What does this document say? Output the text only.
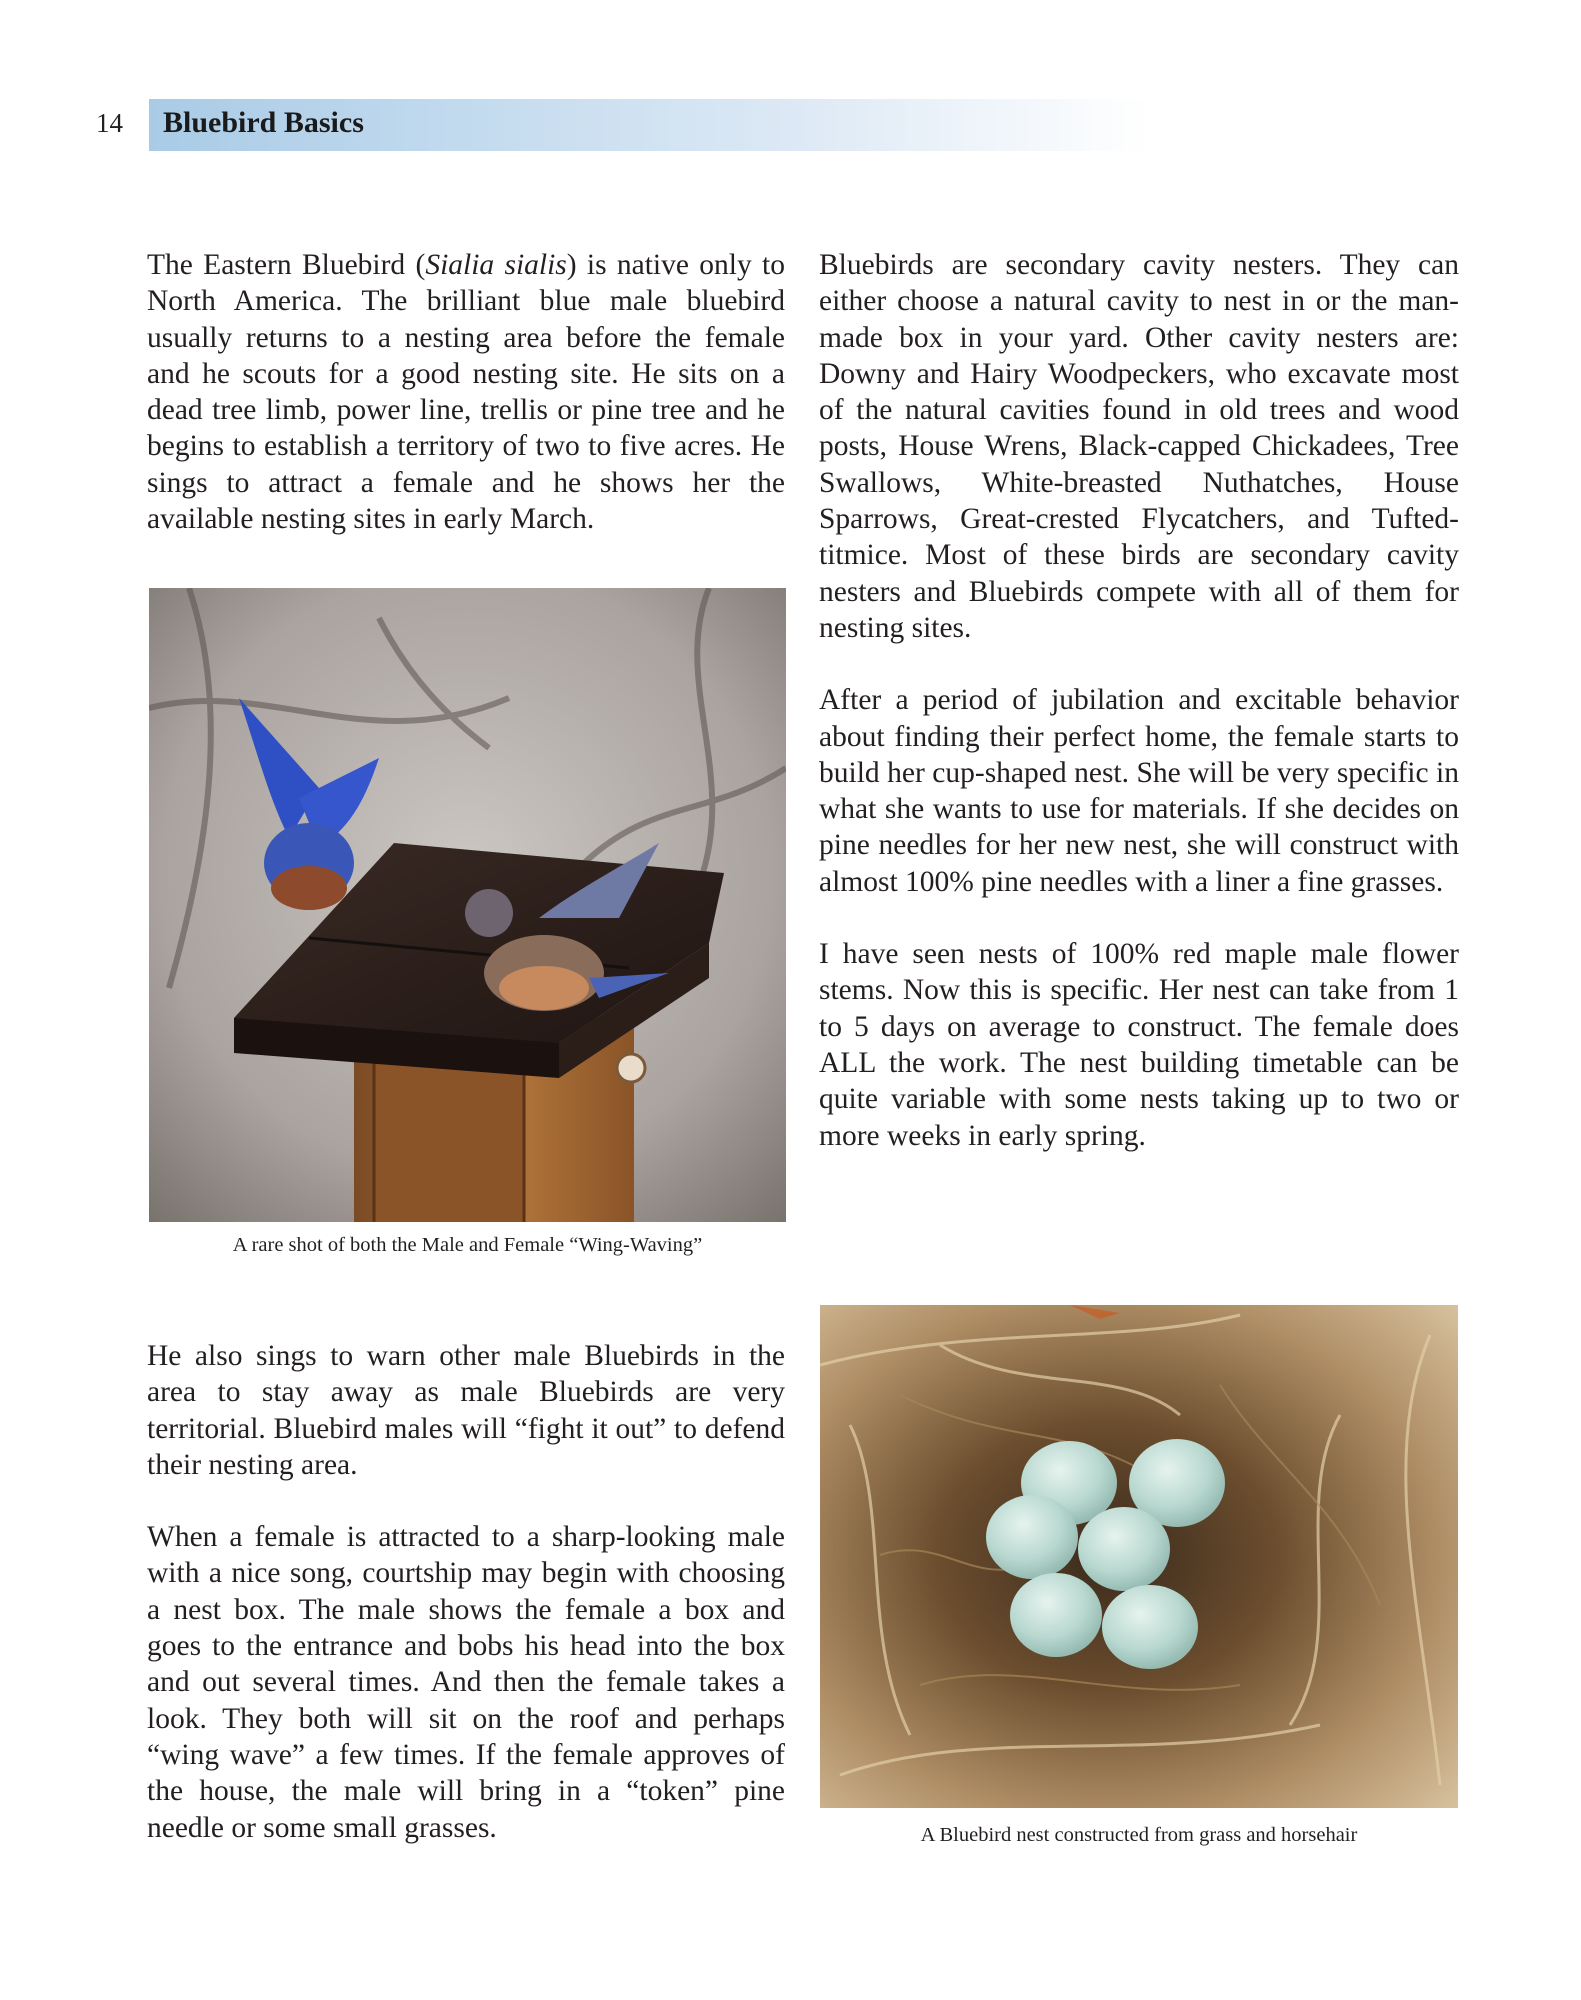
14 Bluebird Basics

The Eastern Bluebird (Sialia sialis) is native only to North America. The brilliant blue male bluebird usually returns to a nesting area before the female and he scouts for a good nesting site. He sits on a dead tree limb, power line, trellis or pine tree and he begins to establish a territory of two to five acres. He sings to attract a female and he shows her the available nesting sites in early March.

Bluebirds are secondary cavity nesters. They can either choose a natural cavity to nest in or the man-made box in your yard. Other cavity nesters are: Downy and Hairy Woodpeckers, who excavate most of the natural cavities found in old trees and wood posts, House Wrens, Black-capped Chickadees, Tree Swallows, White-breasted Nuthatches, House Sparrows, Great-crested Flycatchers, and Tufted-titmice. Most of these birds are secondary cavity nesters and Bluebirds compete with all of them for nesting sites.

After a period of jubilation and excitable behavior about finding their perfect home, the female starts to build her cup-shaped nest. She will be very specific in what she wants to use for materials. If she decides on pine needles for her new nest, she will construct with almost 100% pine needles with a liner a fine grasses.

I have seen nests of 100% red maple male flower stems. Now this is specific. Her nest can take from 1 to 5 days on average to construct. The female does ALL the work. The nest building timetable can be quite variable with some nests taking up to two or more weeks in early spring.

A rare shot of both the Male and Female “Wing-Waving”

He also sings to warn other male Bluebirds in the area to stay away as male Bluebirds are very territorial. Bluebird males will “fight it out” to defend their nesting area.

When a female is attracted to a sharp-looking male with a nice song, courtship may begin with choosing a nest box. The male shows the female a box and goes to the entrance and bobs his head into the box and out several times. And then the female takes a look. They both will sit on the roof and perhaps “wing wave” a few times. If the female approves of the house, the male will bring in a “token” pine needle or some small grasses.	A Bluebird nest constructed from grass and horsehair
